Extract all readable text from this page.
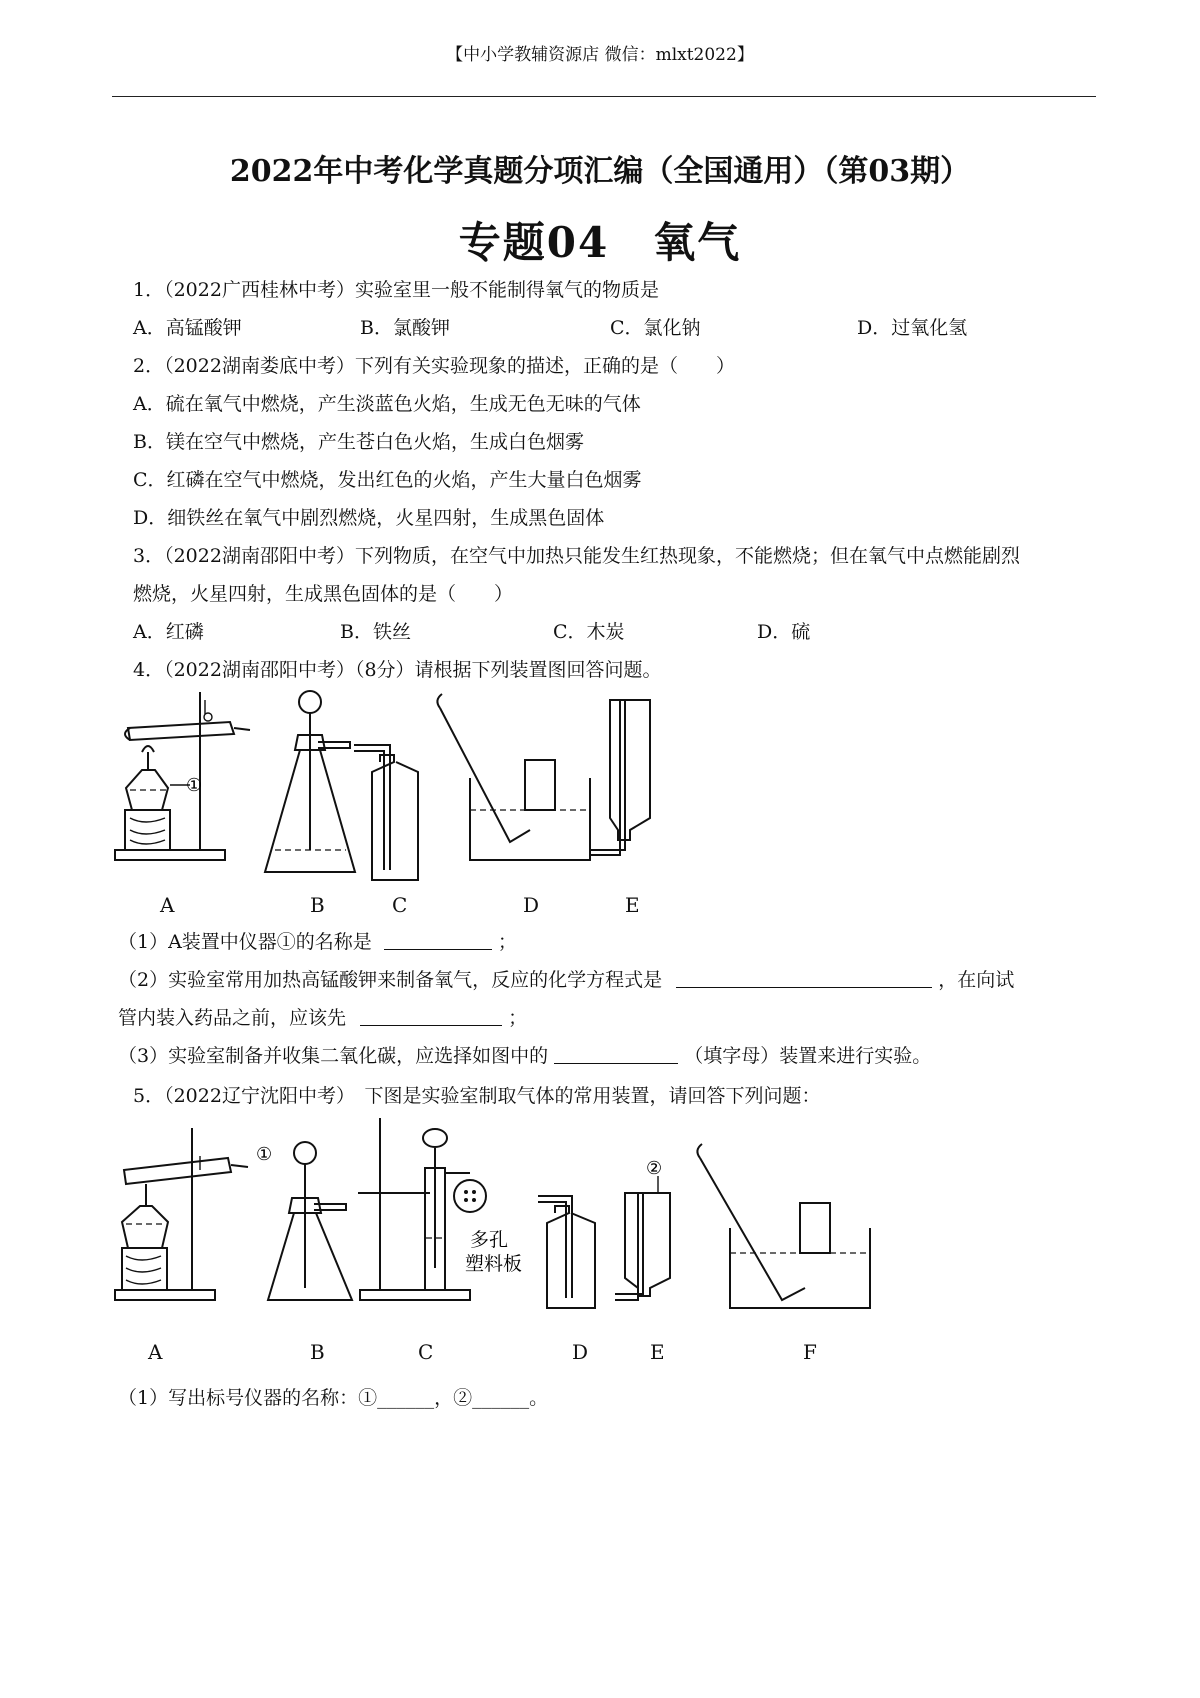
【中小学教辅资源店 微信：mlxt2022】
2022年中考化学真题分项汇编（全国通用）（第03期）
专题04　氧气
1．（2022广西桂林中考）实验室里一般不能制得氧气的物质是
A．高锰酸钾	B．氯酸钾	C．氯化钠	D．过氧化氢
2．（2022湖南娄底中考）下列有关实验现象的描述，正确的是（　　）
A．硫在氧气中燃烧，产生淡蓝色火焰，生成无色无味的气体
B．镁在空气中燃烧，产生苍白色火焰，生成白色烟雾
C．红磷在空气中燃烧，发出红色的火焰，产生大量白色烟雾
D．细铁丝在氧气中剧烈燃烧，火星四射，生成黑色固体
3．（2022湖南邵阳中考）下列物质，在空气中加热只能发生红热现象，不能燃烧；但在氧气中点燃能剧烈
燃烧，火星四射，生成黑色固体的是（　　）
A．红磷	B．铁丝	C．木炭	D．硫
4．（2022湖南邵阳中考）（8分）请根据下列装置图回答问题。
①
A	B	C	D	E
（1）A装置中仪器①的名称是	；
（2）实验室常用加热高锰酸钾来制备氧气，反应的化学方程式是	，在向试
管内装入药品之前，应该先	；
（3）实验室制备并收集二氧化碳，应选择如图中的	（填字母）装置来进行实验。
5．（2022辽宁沈阳中考）　下图是实验室制取气体的常用装置，请回答下列问题：
①
多孔
塑料板
②
A	B	C	D	E	F
（1）写出标号仪器的名称：①______，②______。
